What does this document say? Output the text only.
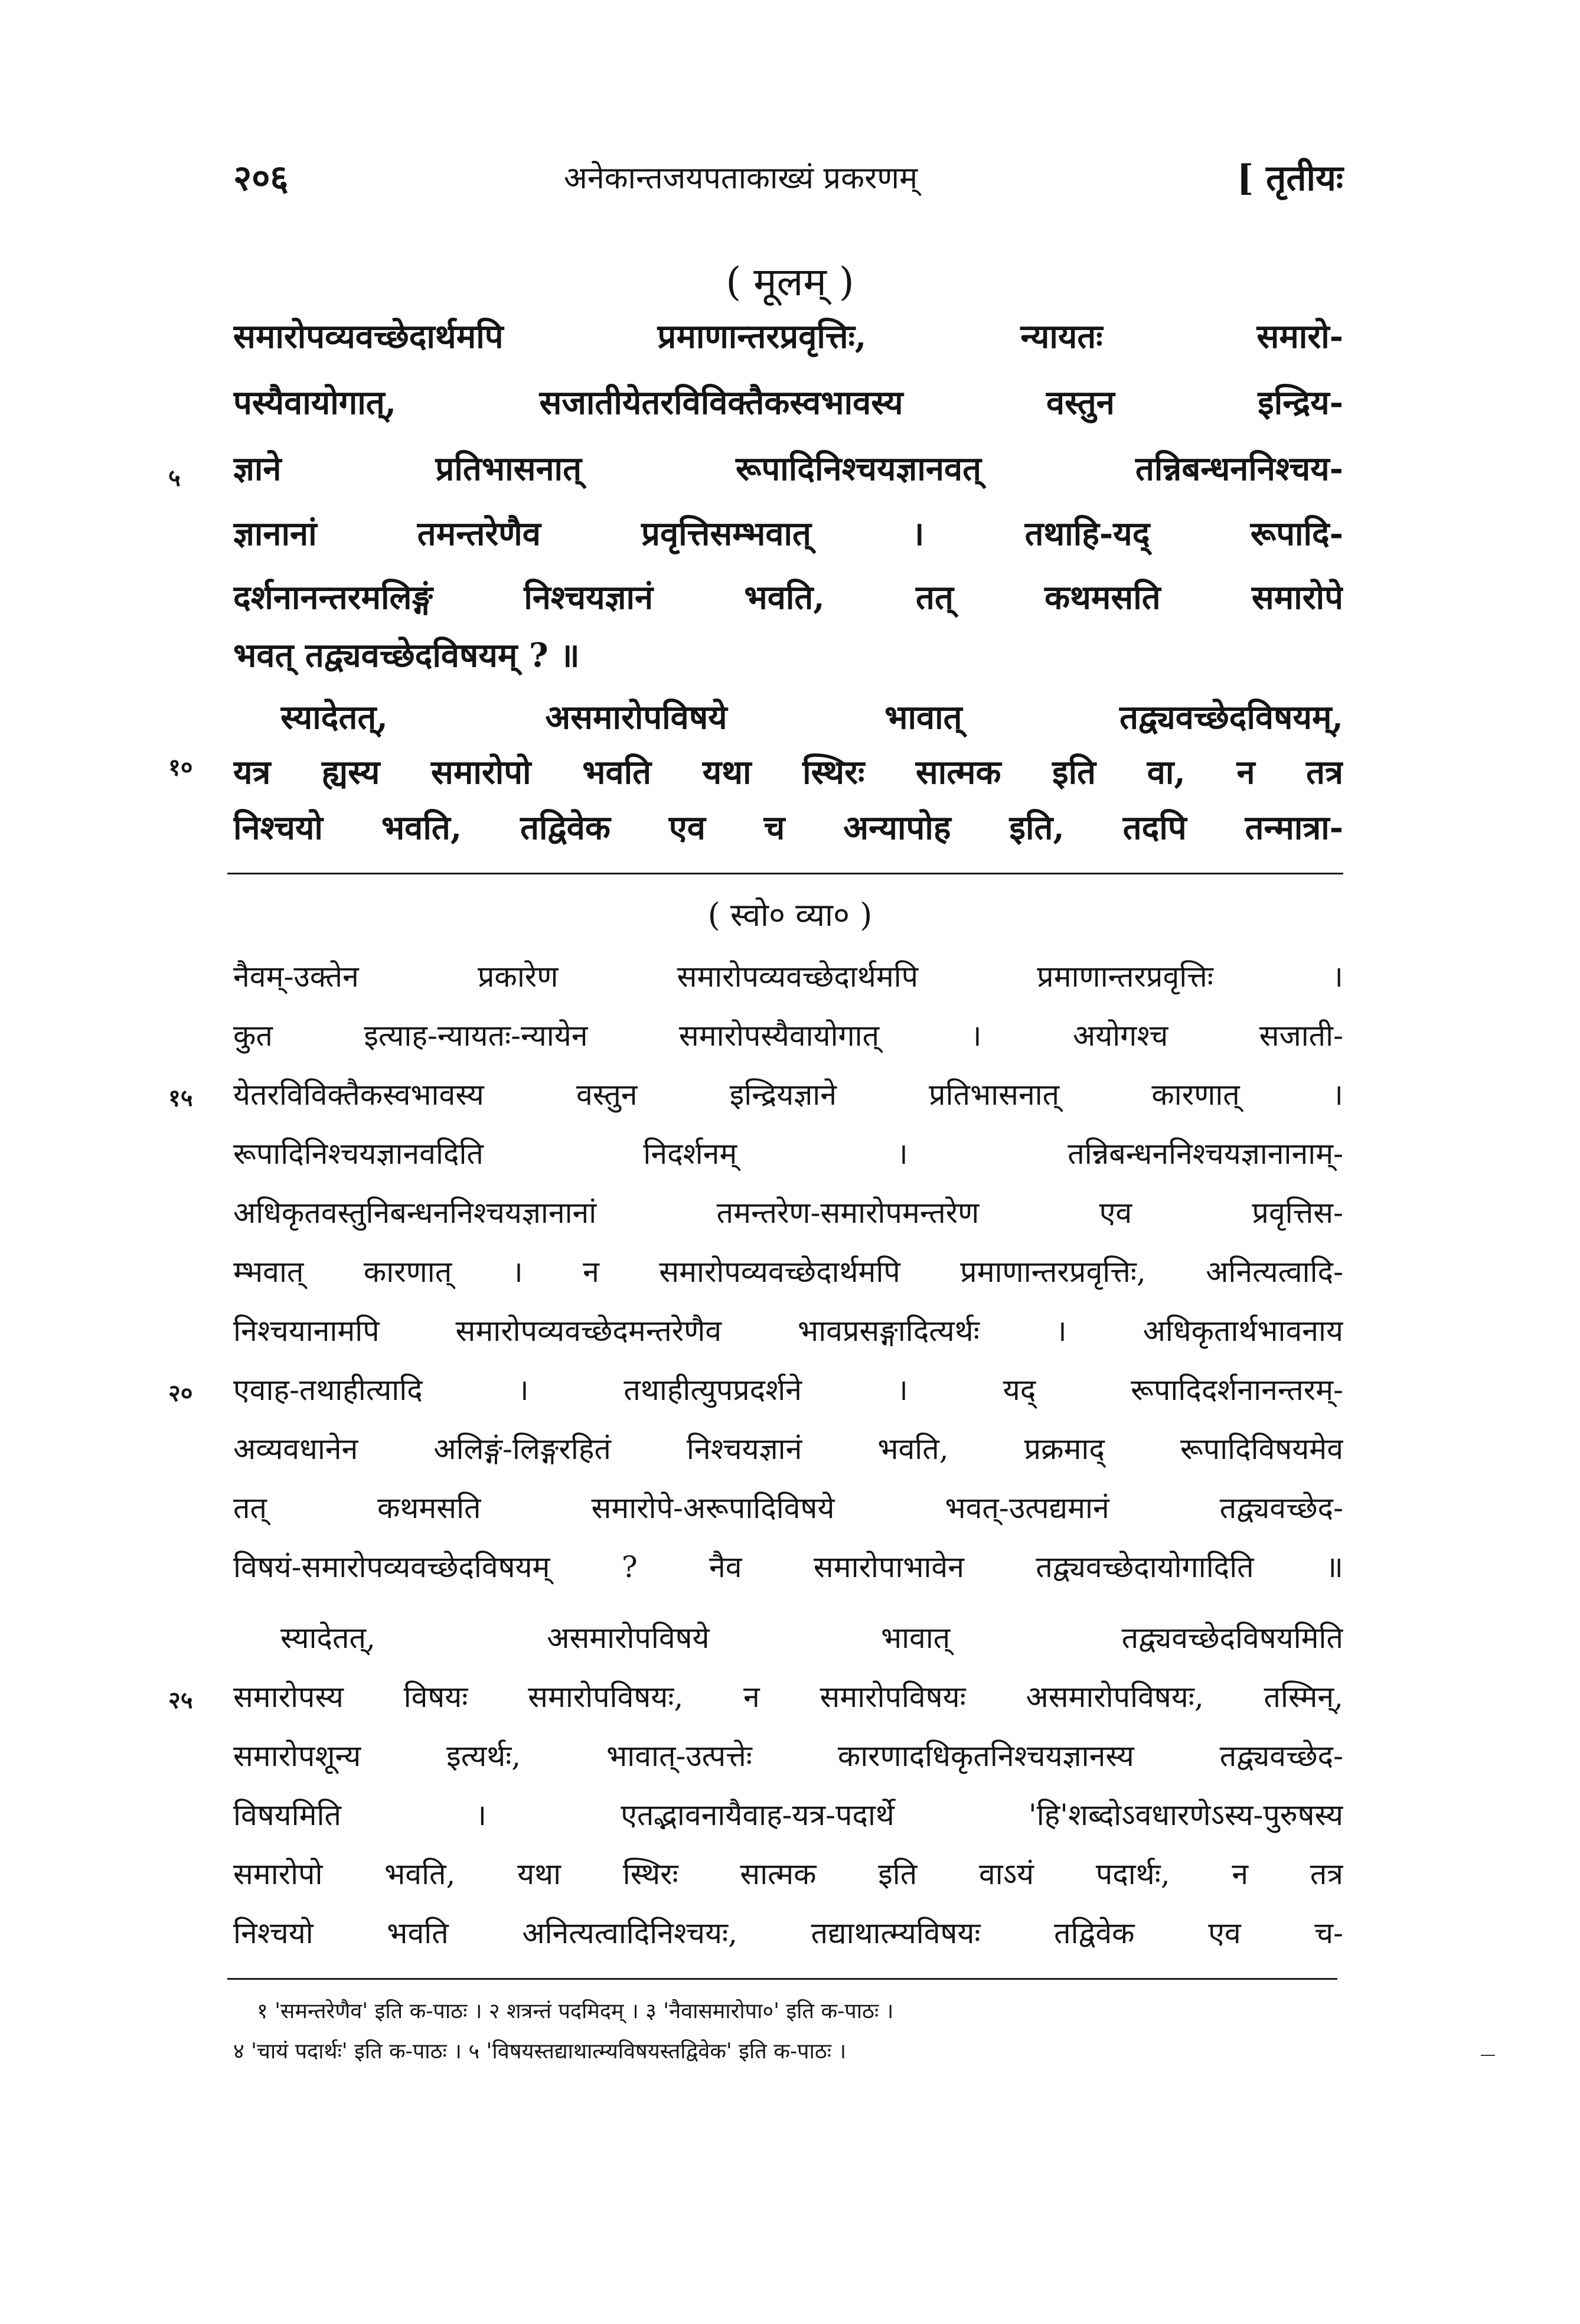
२०६	अनेकान्तजयपताकाख्यं प्रकरणम्	[ तृतीयः
( मूलम् )
समारोपव्यवच्छेदार्थमपि प्रमाणान्तरप्रवृत्तिः, न्यायतः समारो-
पस्यैवायोगात्, सजातीयेतरविविक्तैकस्वभावस्य वस्तुन इन्द्रिय-
ज्ञाने प्रतिभासनात् रूपादिनिश्चयज्ञानवत् तन्निबन्धननिश्चय-
ज्ञानानां तमन्तरेणैव प्रवृत्तिसम्भवात् । तथाहि-यद् रूपादि-
दर्शनानन्तरमलिङ्गं निश्चयज्ञानं भवति, तत् कथमसति समारोपे
भवत् तद्व्यवच्छेदविषयम् ? ॥
स्यादेतत्, असमारोपविषये भावात् तद्व्यवच्छेदविषयम्,
यत्र ह्यस्य समारोपो भवति यथा स्थिरः सात्मक इति वा, न तत्र
निश्चयो भवति, तद्विवेक एव च अन्यापोह इति, तदपि तन्मात्रा-
५
१०
( स्वो० व्या० )
नैवम्-उक्तेन प्रकारेण समारोपव्यवच्छेदार्थमपि प्रमाणान्तरप्रवृत्तिः ।
कुत इत्याह-न्यायतः-न्यायेन समारोपस्यैवायोगात् । अयोगश्च सजाती-
येतरविविक्तैकस्वभावस्य वस्तुन इन्द्रियज्ञाने प्रतिभासनात् कारणात् ।
रूपादिनिश्चयज्ञानवदिति निदर्शनम् । तन्निबन्धननिश्चयज्ञानानाम्-
अधिकृतवस्तुनिबन्धननिश्चयज्ञानानां तमन्तरेण-समारोपमन्तरेण एव प्रवृत्तिस-
म्भवात् कारणात् । न समारोपव्यवच्छेदार्थमपि प्रमाणान्तरप्रवृत्तिः, अनित्यत्वादि-
निश्चयानामपि समारोपव्यवच्छेदमन्तरेणैव भावप्रसङ्गादित्यर्थः । अधिकृतार्थभावनाय
एवाह-तथाहीत्यादि । तथाहीत्युपप्रदर्शने । यद् रूपादिदर्शनानन्तरम्-
अव्यवधानेन अलिङ्गं-लिङ्गरहितं निश्चयज्ञानं भवति, प्रक्रमाद् रूपादिविषयमेव
तत् कथमसति समारोपे-अरूपादिविषये भवत्-उत्पद्यमानं तद्व्यवच्छेद-
विषयं-समारोपव्यवच्छेदविषयम् ? नैव समारोपाभावेन तद्व्यवच्छेदायोगादिति ॥
स्यादेतत्, असमारोपविषये भावात् तद्व्यवच्छेदविषयमिति
समारोपस्य विषयः समारोपविषयः, न समारोपविषयः असमारोपविषयः, तस्मिन्,
समारोपशून्य इत्यर्थः, भावात्-उत्पत्तेः कारणादधिकृतनिश्चयज्ञानस्य तद्व्यवच्छेद-
विषयमिति । एतद्भावनायैवाह-यत्र-पदार्थे 'हि'शब्दोऽवधारणेऽस्य-पुरुषस्य
समारोपो भवति, यथा स्थिरः सात्मक इति वाऽयं पदार्थः, न तत्र
निश्चयो भवति अनित्यत्वादिनिश्चयः, तद्याथात्म्यविषयः तद्विवेक एव च-
१५
२०
२५
१ 'समन्तरेणैव' इति क-पाठः । २ शत्रन्तं पदमिदम् । ३ 'नैवासमारोपा०' इति क-पाठः ।
४ 'चायं पदार्थः' इति क-पाठः । ५ 'विषयस्तद्याथात्म्यविषयस्तद्विवेक' इति क-पाठः ।
